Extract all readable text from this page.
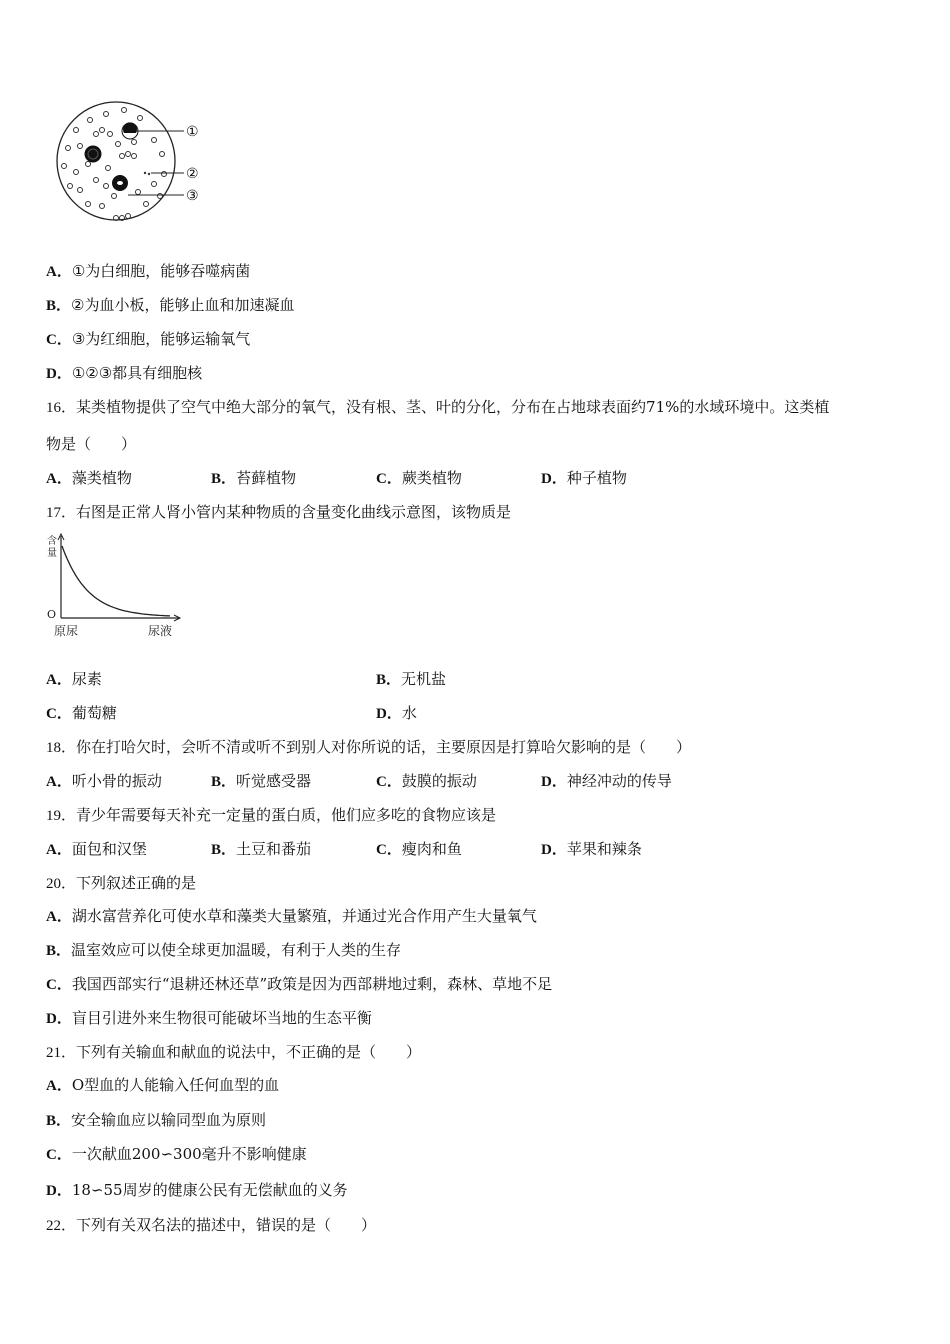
①
②
③
A．①为白细胞，能够吞噬病菌
B．②为血小板，能够止血和加速凝血
C．③为红细胞，能够运输氧气
D．①②③都具有细胞核
16．某类植物提供了空气中绝大部分的氧气，没有根、茎、叶的分化，分布在占地球表面约71%的水域环境中。这类植
物是（　　）
A．藻类植物	B．苔藓植物	C．蕨类植物	D．种子植物
17．右图是正常人肾小管内某种物质的含量变化曲线示意图，该物质是
含
量
O
原尿	尿液
A．尿素	B．无机盐
C．葡萄糖	D．水
18．你在打哈欠时，会听不清或听不到别人对你所说的话，主要原因是打算哈欠影响的是（　　）
A．听小骨的振动	B．听觉感受器	C．鼓膜的振动	D．神经冲动的传导
19．青少年需要每天补充一定量的蛋白质，他们应多吃的食物应该是
A．面包和汉堡	B．土豆和番茄	C．瘦肉和鱼	D．苹果和辣条
20．下列叙述正确的是
A．湖水富营养化可使水草和藻类大量繁殖，并通过光合作用产生大量氧气
B．温室效应可以使全球更加温暖，有利于人类的生存
C．我国西部实行“退耕还林还草”政策是因为西部耕地过剩，森林、草地不足
D．盲目引进外来生物很可能破坏当地的生态平衡
21．下列有关输血和献血的说法中，不正确的是（　　）
A．O型血的人能输入任何血型的血
B．安全输血应以输同型血为原则
C．一次献血200∽300毫升不影响健康
D．18∽55周岁的健康公民有无偿献血的义务
22．下列有关双名法的描述中，错误的是（　　）
